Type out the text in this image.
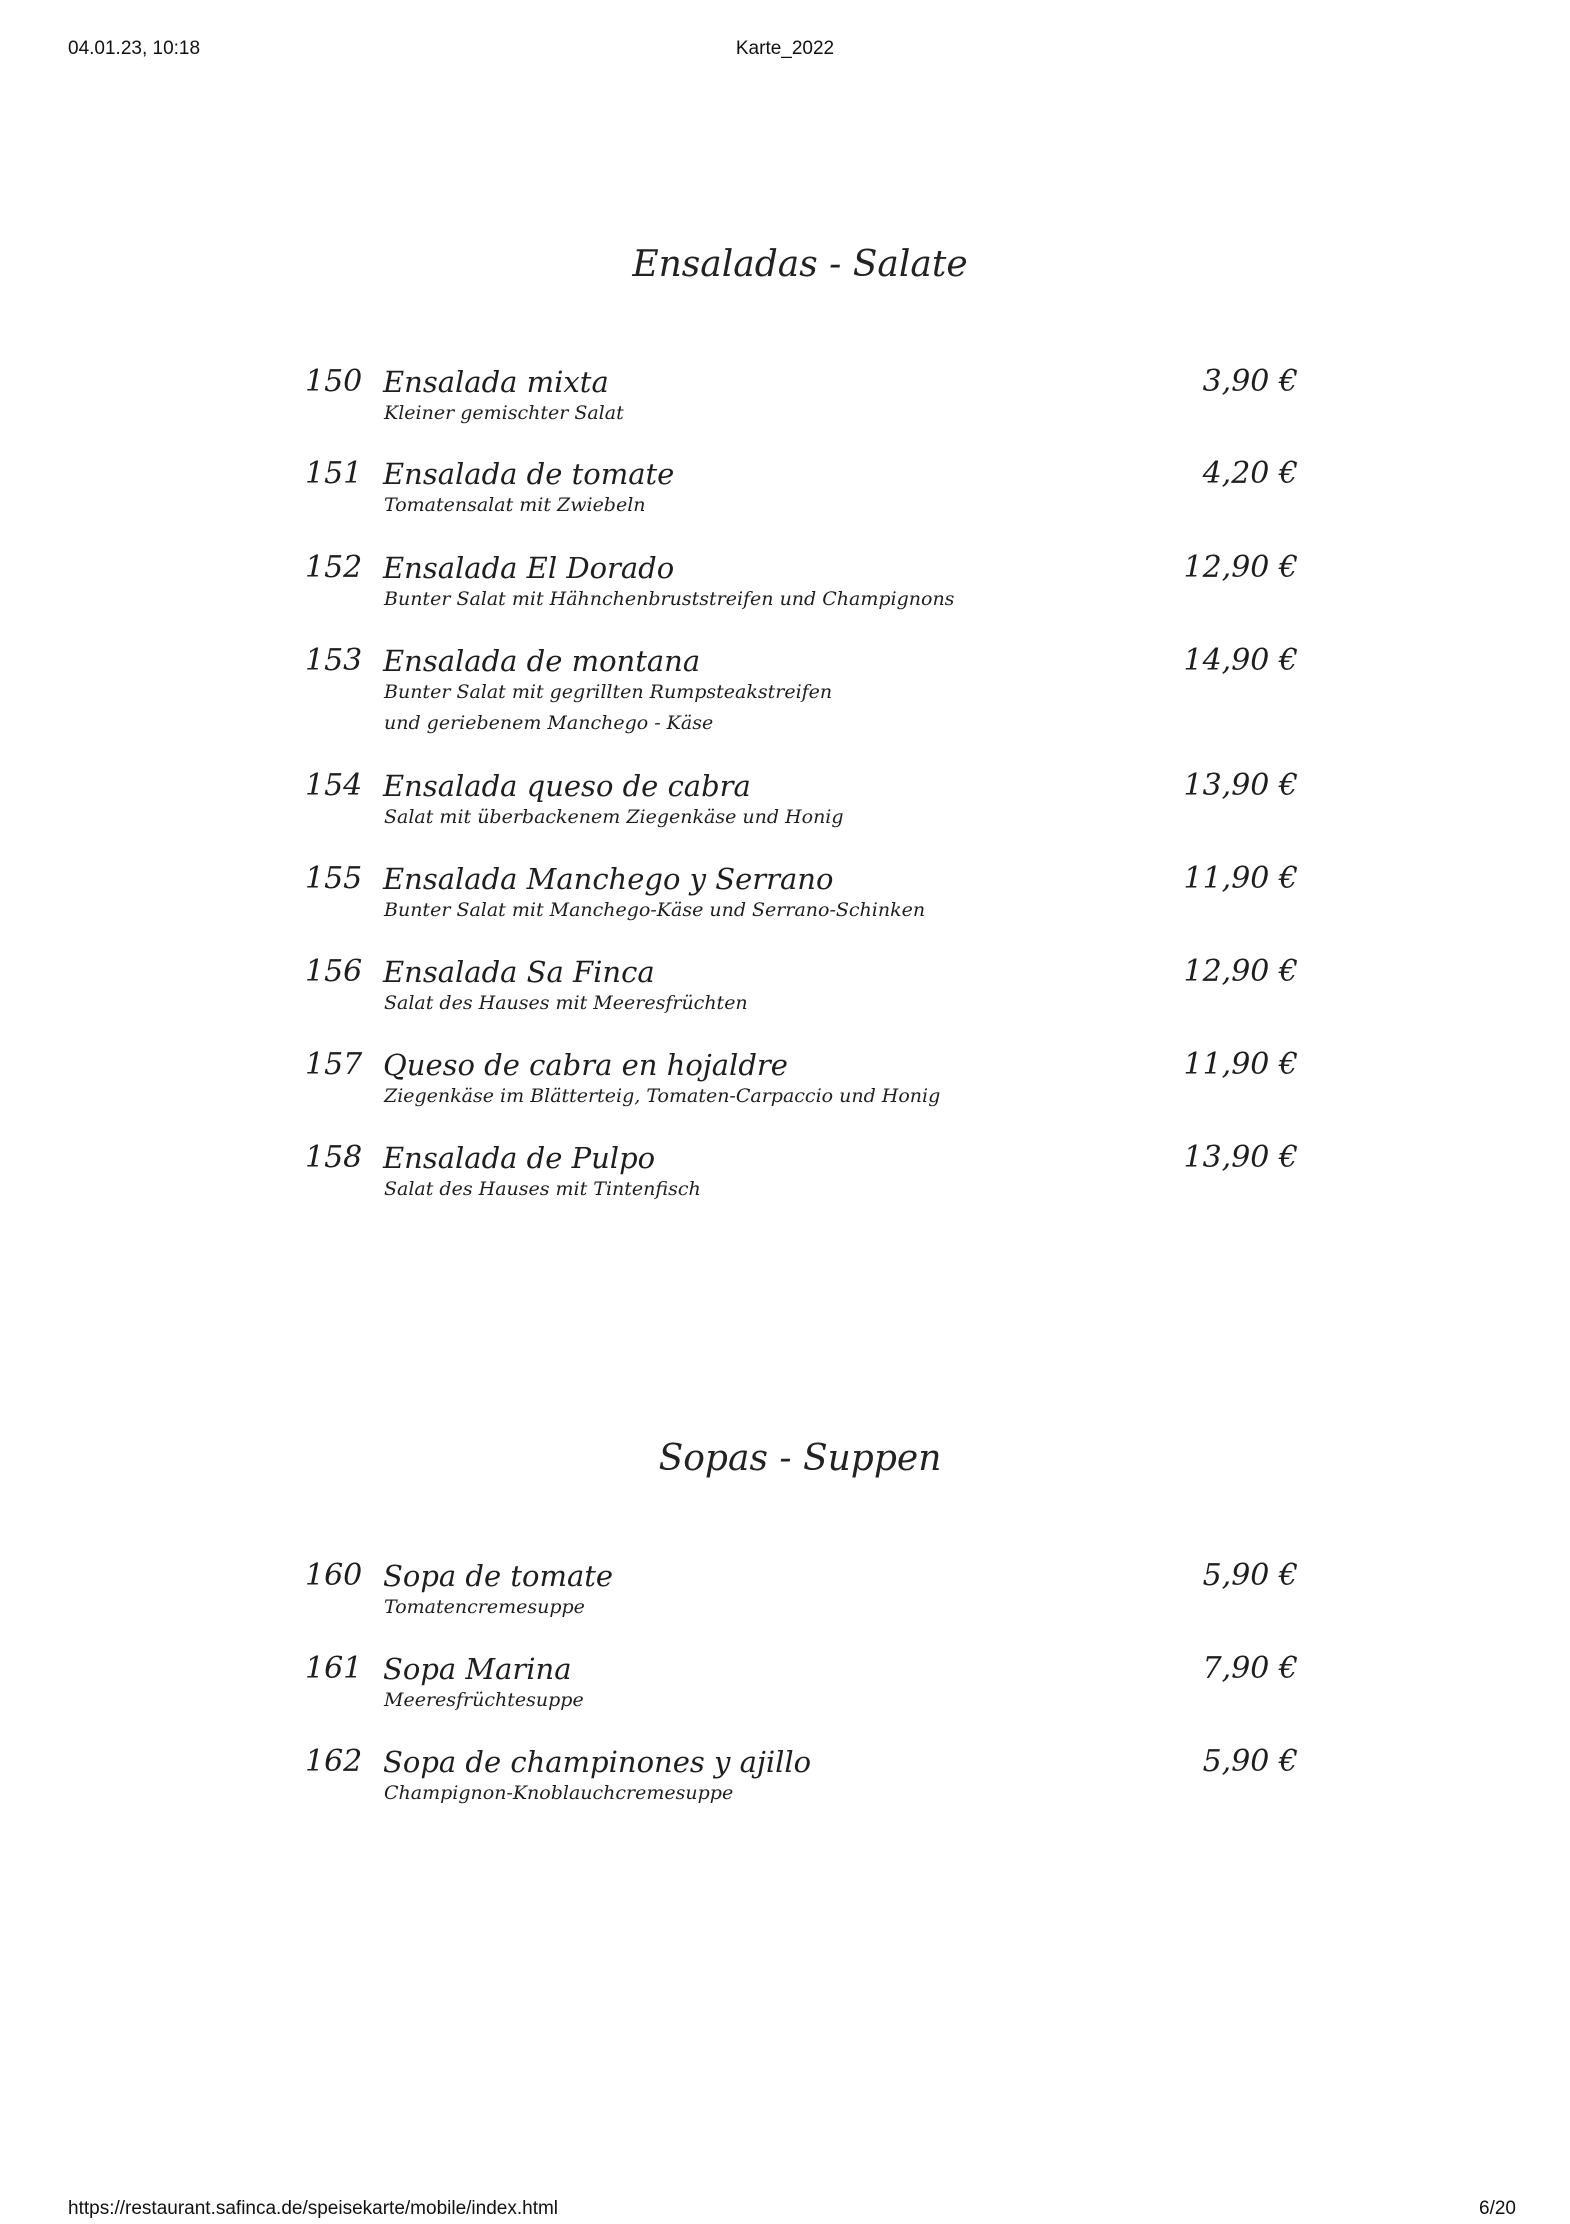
04.01.23, 10:18	Karte_2022
Ensaladas - Salate
150 Ensalada mixta
Kleiner gemischter Salat
3,90 €
151 Ensalada de tomate
Tomatensalat mit Zwiebeln
4,20 €
152 Ensalada El Dorado
Bunter Salat mit Hähnchenbruststreifen und Champignons
12,90 €
153 Ensalada de montana
Bunter Salat mit gegrillten Rumpsteakstreifen
und geriebenem Manchego - Käse
14,90 €
154 Ensalada queso de cabra
Salat mit überbackenem Ziegenkäse und Honig
13,90 €
155 Ensalada Manchego y Serrano
Bunter Salat mit Manchego-Käse und Serrano-Schinken
11,90 €
156 Ensalada Sa Finca
Salat des Hauses mit Meeresfrüchten
12,90 €
157 Queso de cabra en hojaldre
Ziegenkäse im Blätterteig, Tomaten-Carpaccio und Honig
11,90 €
158 Ensalada de Pulpo
Salat des Hauses mit Tintenfisch
13,90 €
Sopas - Suppen
160 Sopa de tomate
Tomatencremesuppe
5,90 €
161 Sopa Marina
Meeresfrüchtesuppe
7,90 €
162 Sopa de champinones y ajillo
Champignon-Knoblauchcremesuppe
5,90 €
https://restaurant.safinca.de/speisekarte/mobile/index.html	6/20
